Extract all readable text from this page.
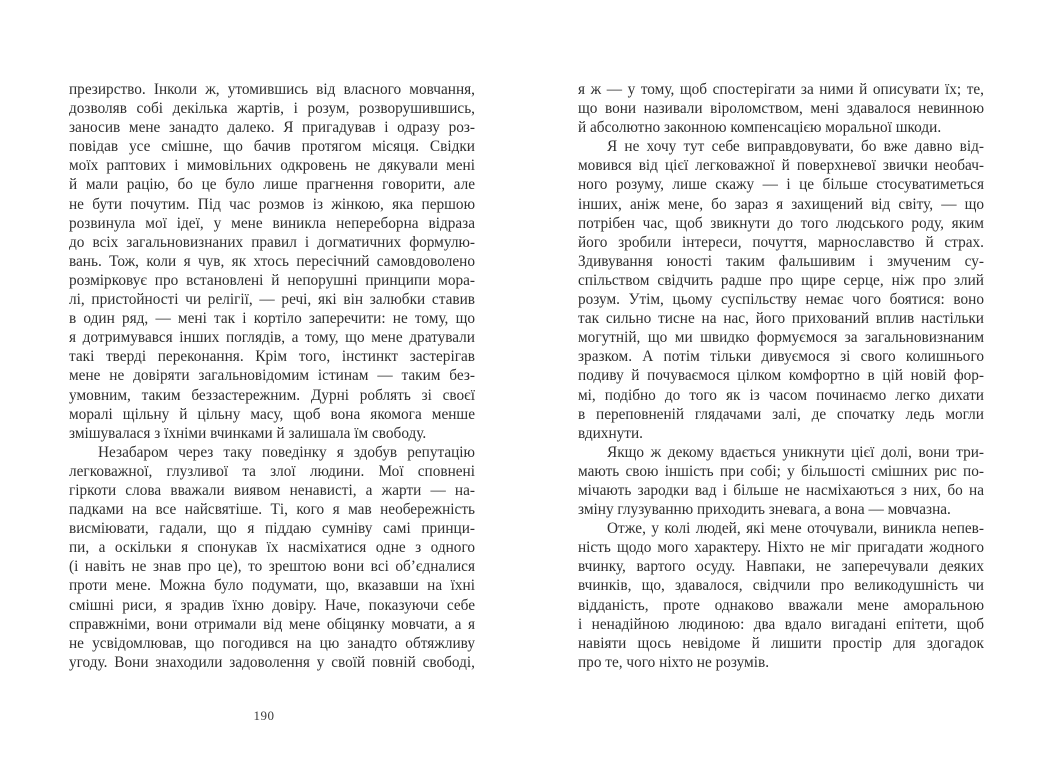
презирство. Інколи ж, утомившись від власного мовчання,
дозволяв собі декілька жартів, і розум, розворушившись,
заносив мене занадто далеко. Я пригадував і одразу роз-
повідав усе смішне, що бачив протягом місяця. Свідки
моїх раптових і мимовільних одкровень не дякували мені
й мали рацію, бо це було лише прагнення говорити, але
не бути почутим. Під час розмов із жінкою, яка першою
розвинула мої ідеї, у мене виникла непереборна відраза
до всіх загальновизнаних правил і догматичних формулю-
вань. Тож, коли я чув, як хтось пересічний самовдоволено
розмірковує про встановлені й непорушні принципи мора-
лі, пристойності чи релігії, — речі, які він залюбки ставив
в один ряд, — мені так і кортіло заперечити: не тому, що
я дотримувався інших поглядів, а тому, що мене дратували
такі тверді переконання. Крім того, інстинкт застерігав
мене не довіряти загальновідомим істинам — таким без-
умовним, таким беззастережним. Дурні роблять зі своєї
моралі щільну й цільну масу, щоб вона якомога менше
змішувалася з їхніми вчинками й залишала їм свободу.
Незабаром через таку поведінку я здобув репутацію
легковажної, глузливої та злої людини. Мої сповнені
гіркоти слова вважали виявом ненависті, а жарти — на-
падками на все найсвятіше. Ті, кого я мав необережність
висміювати, гадали, що я піддаю сумніву самі принци-
пи, а оскільки я спонукав їх насміхатися одне з одного
(і навіть не знав про це), то зрештою вони всі об’єдналися
проти мене. Можна було подумати, що, вказавши на їхні
смішні риси, я зрадив їхню довіру. Наче, показуючи себе
справжніми, вони отримали від мене обіцянку мовчати, а я
не усвідомлював, що погодився на цю занадто обтяжливу
угоду. Вони знаходили задоволення у своїй повній свободі,
я ж — у тому, щоб спостерігати за ними й описувати їх; те,
що вони називали віроломством, мені здавалося невинною
й абсолютно законною компенсацією моральної шкоди.
Я не хочу тут себе виправдовувати, бо вже давно від-
мовився від цієї легковажної й поверхневої звички необач-
ного розуму, лише скажу — і це більше стосуватиметься
інших, аніж мене, бо зараз я захищений від світу, — що
потрібен час, щоб звикнути до того людського роду, яким
його зробили інтереси, почуття, марнославство й страх.
Здивування юності таким фальшивим і змученим су-
спільством свідчить радше про щире серце, ніж про злий
розум. Утім, цьому суспільству немає чого боятися: воно
так сильно тисне на нас, його прихований вплив настільки
могутній, що ми швидко формуємося за загальновизнаним
зразком. А потім тільки дивуємося зі свого колишнього
подиву й почуваємося цілком комфортно в цій новій фор-
мі, подібно до того як із часом починаємо легко дихати
в переповненій глядачами залі, де спочатку ледь могли
вдихнути.
Якщо ж декому вдається уникнути цієї долі, вони три-
мають свою іншість при собі; у більшості смішних рис по-
мічають зародки вад і більше не насміхаються з них, бо на
зміну глузуванню приходить зневага, а вона — мовчазна.
Отже, у колі людей, які мене оточували, виникла непев-
ність щодо мого характеру. Ніхто не міг пригадати жодного
вчинку, вартого осуду. Навпаки, не заперечували деяких
вчинків, що, здавалося, свідчили про великодушність чи
відданість, проте однаково вважали мене аморальною
і ненадійною людиною: два вдало вигадані епітети, щоб
навіяти щось невідоме й лишити простір для здогадок
про те, чого ніхто не розумів.
190
